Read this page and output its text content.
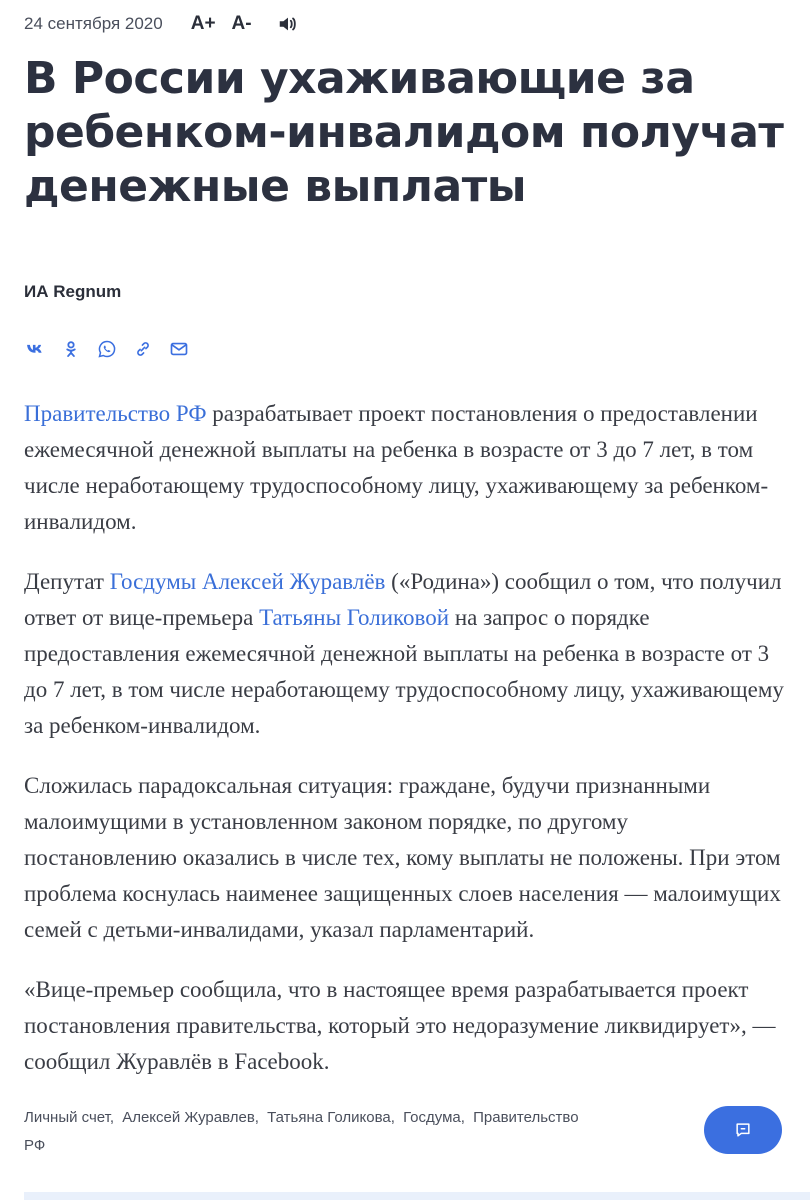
24 сентября 2020 A+ A-
В России ухаживающие за ребенком-инвалидом получат денежные выплаты
ИА Regnum

Правительство РФ разрабатывает проект постановления о предоставлении ежемесячной денежной выплаты на ребенка в возрасте от 3 до 7 лет, в том числе неработающему трудоспособному лицу, ухаживающему за ребенком-инвалидом.

Депутат Госдумы Алексей Журавлёв («Родина») сообщил о том, что получил ответ от вице-премьера Татьяны Голиковой на запрос о порядке предоставления ежемесячной денежной выплаты на ребенка в возрасте от 3 до 7 лет, в том числе неработающему трудоспособному лицу, ухаживающему за ребенком-инвалидом.

Сложилась парадоксальная ситуация: граждане, будучи признанными малоимущими в установленном законом порядке, по другому постановлению оказались в числе тех, кому выплаты не положены. При этом проблема коснулась наименее защищенных слоев населения — малоимущих семей с детьми-инвалидами, указал парламентарий.

«Вице-премьер сообщила, что в настоящее время разрабатывается проект постановления правительства, который это недоразумение ликвидирует», — сообщил Журавлёв в Facebook.

Личный счет, Алексей Журавлев, Татьяна Голикова, Госдума, Правительство РФ
